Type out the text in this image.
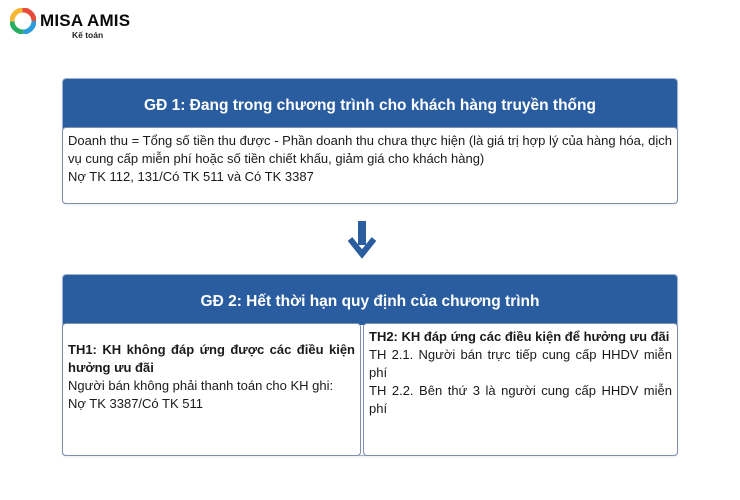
MISA AMIS
Kế toán
GĐ 1: Đang trong chương trình cho khách hàng truyền thống
Doanh thu = Tổng số tiền thu được - Phần doanh thu chưa thực hiện (là giá trị hợp lý của hàng hóa, dịch vụ cung cấp miễn phí hoặc số tiền chiết khấu, giảm giá cho khách hàng)
Nợ TK 112, 131/Có TK 511 và Có TK 3387
GĐ 2: Hết thời hạn quy định của chương trình
TH1: KH không đáp ứng được các điều kiện hưởng ưu đãi
Người bán không phải thanh toán cho KH ghi:
Nợ TK 3387/Có TK 511
TH2: KH đáp ứng các điều kiện để hưởng ưu đãi
TH 2.1. Người bán trực tiếp cung cấp HHDV miễn phí
TH 2.2. Bên thứ 3 là người cung cấp HHDV miễn phí
